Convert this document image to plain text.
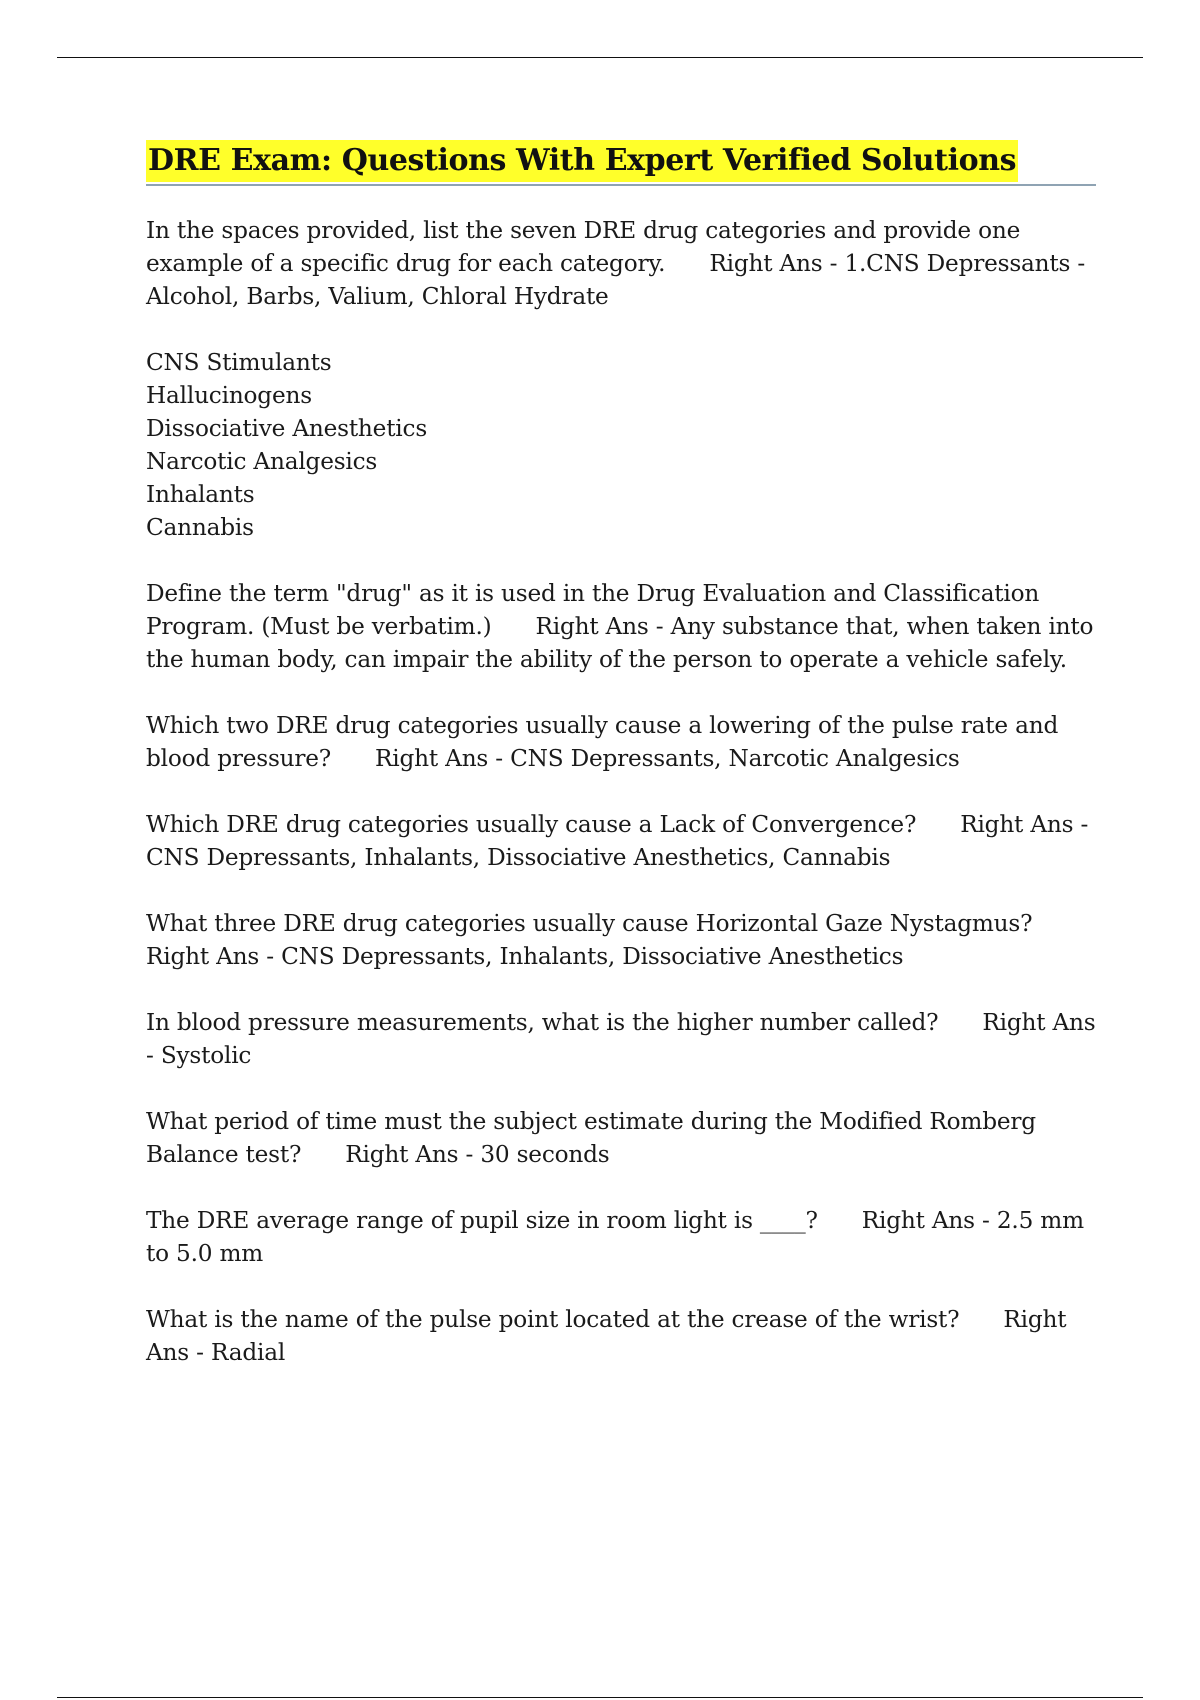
DRE Exam: Questions With Expert Verified Solutions

In the spaces provided, list the seven DRE drug categories and provide one example of a specific drug for each category. Right Ans - 1.CNS Depressants - Alcohol, Barbs, Valium, Chloral Hydrate

CNS Stimulants
Hallucinogens
Dissociative Anesthetics
Narcotic Analgesics
Inhalants
Cannabis

Define the term "drug" as it is used in the Drug Evaluation and Classification Program. (Must be verbatim.) Right Ans - Any substance that, when taken into the human body, can impair the ability of the person to operate a vehicle safely.

Which two DRE drug categories usually cause a lowering of the pulse rate and blood pressure? Right Ans - CNS Depressants, Narcotic Analgesics

Which DRE drug categories usually cause a Lack of Convergence? Right Ans - CNS Depressants, Inhalants, Dissociative Anesthetics, Cannabis

What three DRE drug categories usually cause Horizontal Gaze Nystagmus?Right Ans - CNS Depressants, Inhalants, Dissociative Anesthetics

In blood pressure measurements, what is the higher number called? Right Ans - Systolic

What period of time must the subject estimate during the Modified Romberg Balance test? Right Ans - 30 seconds

The DRE average range of pupil size in room light is ____? Right Ans - 2.5 mm to 5.0 mm

What is the name of the pulse point located at the crease of the wrist? Right Ans - Radial
